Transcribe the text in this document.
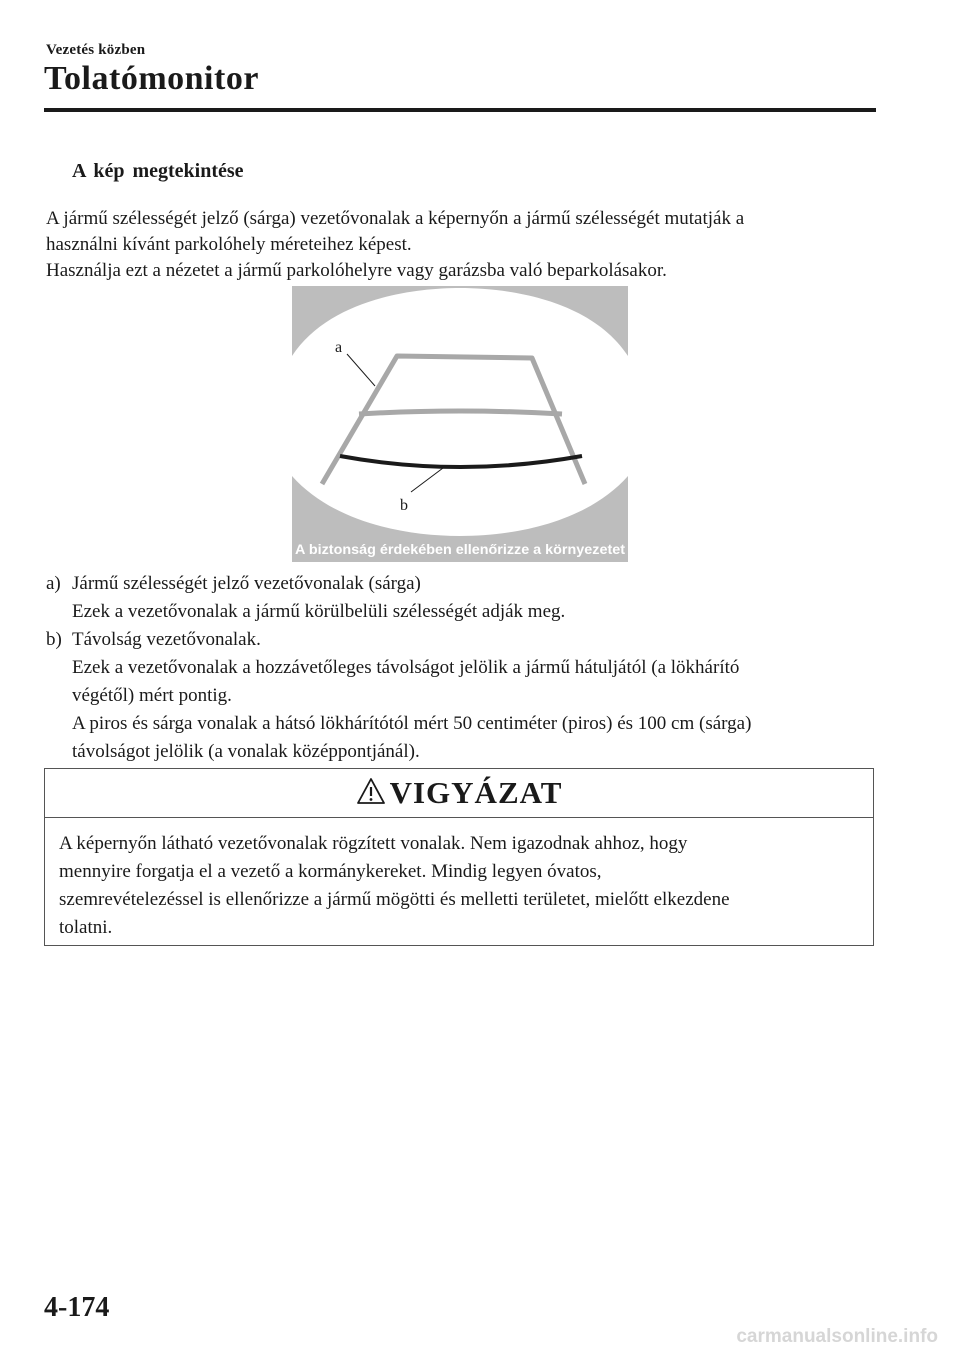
Vezetés közben
Tolatómonitor
A kép megtekintése

A jármű szélességét jelző (sárga) vezetővonalak a képernyőn a jármű szélességét mutatják a

használni kívánt parkolóhely méreteihez képest.

Használja ezt a nézetet a jármű parkolóhelyre vagy garázsba való beparkolásakor.

a
b
A biztonság érdekében ellenőrizze a környezetet
a) Jármű szélességét jelző vezetővonalak (sárga)

Ezek a vezetővonalak a jármű körülbelüli szélességét adják meg.

b) Távolság vezetővonalak.

Ezek a vezetővonalak a hozzávetőleges távolságot jelölik a jármű hátuljától (a lökhárító

végétől) mért pontig.

A piros és sárga vonalak a hátsó lökhárítótól mért 50 centiméter (piros) és 100 cm (sárga)

távolságot jelölik (a vonalak középpontjánál).

VIGYÁZAT
A képernyőn látható vezetővonalak rögzített vonalak. Nem igazodnak ahhoz, hogy
mennyire forgatja el a vezető a kormánykereket. Mindig legyen óvatos,
szemrevételezéssel is ellenőrizze a jármű mögötti és melletti területet, mielőtt elkezdene
tolatni.
4-174
carmanualsonline.info
